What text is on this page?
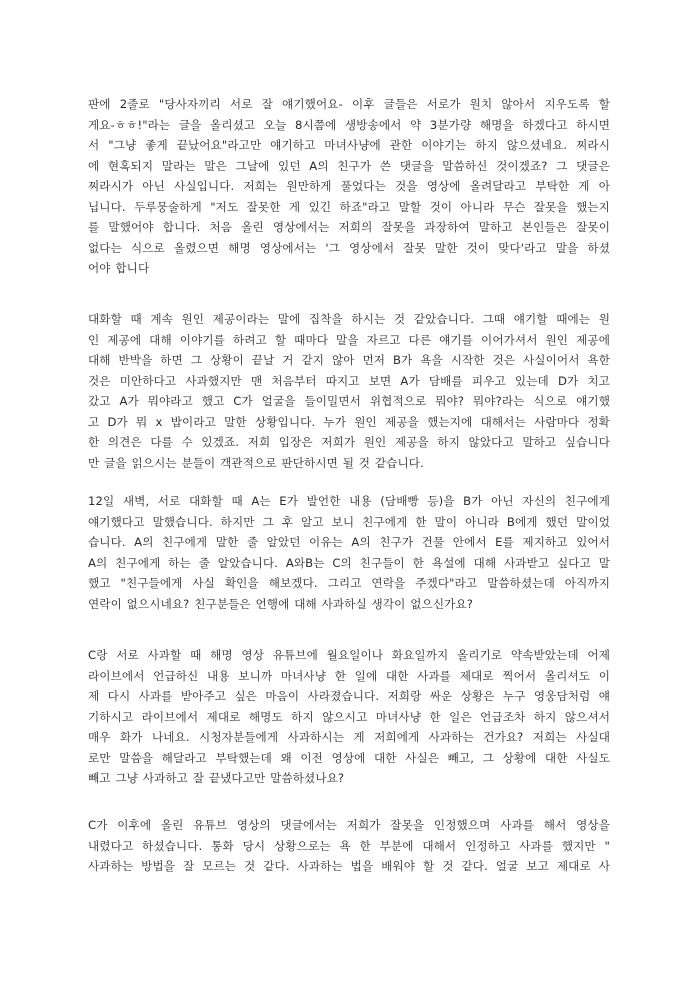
판에 2줄로 "당사자끼리 서로 잘 얘기했어요- 이후 글들은 서로가 원치 않아서 지우도록 할
게요-ㅎㅎ!"라는 글을 올리셨고 오늘 8시쯤에 생방송에서 약 3분가량 해명을 하겠다고 하시면
서 "그냥 좋게 끝났어요"라고만 얘기하고 마녀사냥에 관한 이야기는 하지 않으셨네요. 찌라시
에 현혹되지 말라는 말은 그날에 있던 A의 친구가 쓴 댓글을 말씀하신 것이겠죠? 그 댓글은
찌라시가 아닌 사실입니다. 저희는 원만하게 풀었다는 것을 영상에 올려달라고 부탁한 게 아
닙니다. 두루뭉술하게 "저도 잘못한 게 있긴 하죠"라고 말할 것이 아니라 무슨 잘못을 했는지
를 말했어야 합니다. 처음 올린 영상에서는 저희의 잘못을 과장하여 말하고 본인들은 잘못이
없다는 식으로 올렸으면 해명 영상에서는 '그 영상에서 잘못 말한 것이 맞다'라고 말을 하셨
어야 합니다
대화할 때 계속 원인 제공이라는 말에 집착을 하시는 것 같았습니다. 그때 얘기할 때에는 원
인 제공에 대해 이야기를 하려고 할 때마다 말을 자르고 다른 얘기를 이어가셔서 원인 제공에
대해 반박을 하면 그 상황이 끝날 거 같지 않아 먼저 B가 욕을 시작한 것은 사실이어서 욕한
것은 미안하다고 사과했지만 맨 처음부터 따지고 보면 A가 담배를 피우고 있는데 D가 치고
갔고 A가 뭐야라고 했고 C가 얼굴을 들이밀면서 위협적으로 뭐야? 뭐야?라는 식으로 얘기했
고 D가 뭐 x 밥이라고 말한 상황입니다. 누가 원인 제공을 했는지에 대해서는 사람마다 정확
한 의견은 다를 수 있겠죠. 저희 입장은 저희가 원인 제공을 하지 않았다고 말하고 싶습니다
만 글을 읽으시는 분들이 객관적으로 판단하시면 될 것 같습니다.
12일 새벽, 서로 대화할 때 A는 E가 발언한 내용 (담배빵 등)을 B가 아닌 자신의 친구에게
얘기했다고 말했습니다. 하지만 그 후 알고 보니 친구에게 한 말이 아니라 B에게 했던 말이었
습니다. A의 친구에게 말한 줄 알았던 이유는 A의 친구가 건물 안에서 E를 제지하고 있어서
A의 친구에게 하는 줄 알았습니다. A와B는 C의 친구들이 한 욕설에 대해 사과받고 싶다고 말
했고 "친구들에게 사실 확인을 해보겠다. 그리고 연락을 주겠다"라고 말씀하셨는데 아직까지
연락이 없으시네요? 친구분들은 언행에 대해 사과하실 생각이 없으신가요?
C랑 서로 사과할 때 해명 영상 유튜브에 월요일이나 화요일까지 올리기로 약속받았는데 어제
라이브에서 언급하신 내용 보니까 마녀사냥 한 일에 대한 사과를 제대로 찍어서 올리셔도 이
제 다시 사과를 받아주고 싶은 마음이 사라졌습니다. 저희랑 싸운 상황은 누구 영웅담처럼 얘
기하시고 라이브에서 제대로 해명도 하지 않으시고 마녀사냥 한 일은 언급조차 하지 않으셔서
매우 화가 나네요. 시청자분들에게 사과하시는 게 저희에게 사과하는 건가요? 저희는 사실대
로만 말씀을 해달라고 부탁했는데 왜 이전 영상에 대한 사실은 빼고, 그 상황에 대한 사실도
빼고 그냥 사과하고 잘 끝냈다고만 말씀하셨나요?
C가 이후에 올린 유튜브 영상의 댓글에서는 저희가 잘못을 인정했으며 사과를 해서 영상을
내렸다고 하셨습니다. 통화 당시 상황으로는 욕 한 부분에 대해서 인정하고 사과를 했지만 "
사과하는 방법을 잘 모르는 것 같다. 사과하는 법을 배워야 할 것 같다. 얼굴 보고 제대로 사
